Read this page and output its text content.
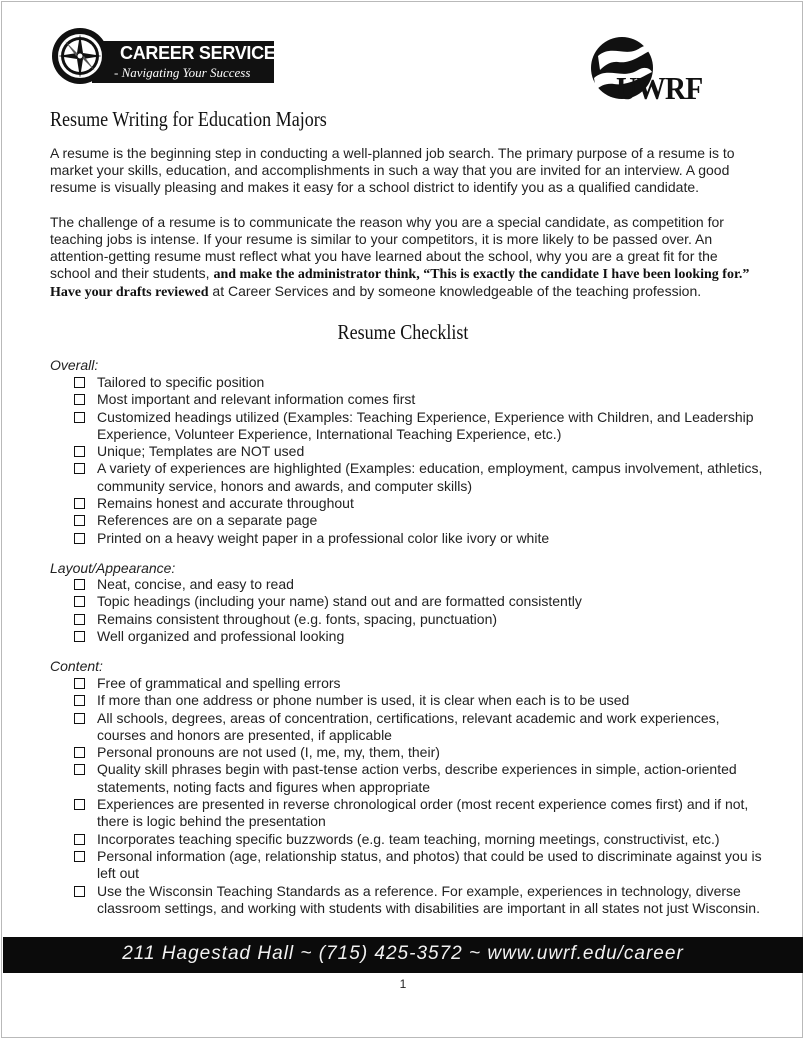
CAREER SERVICES
- Navigating Your Success	UWRF
Resume Writing for Education Majors
A resume is the beginning step in conducting a well-planned job search. The primary purpose of a resume is to market your skills, education, and accomplishments in such a way that you are invited for an interview. A good resume is visually pleasing and makes it easy for a school district to identify you as a qualified candidate.
The challenge of a resume is to communicate the reason why you are a special candidate, as competition for teaching jobs is intense. If your resume is similar to your competitors, it is more likely to be passed over. An attention-getting resume must reflect what you have learned about the school, why you are a great fit for the school and their students, and make the administrator think, “This is exactly the candidate I have been looking for.” Have your drafts reviewed at Career Services and by someone knowledgeable of the teaching profession.
Resume Checklist
Overall:
Tailored to specific position
Most important and relevant information comes first
Customized headings utilized (Examples: Teaching Experience, Experience with Children, and Leadership Experience, Volunteer Experience, International Teaching Experience, etc.)
Unique; Templates are NOT used
A variety of experiences are highlighted (Examples: education, employment, campus involvement, athletics, community service, honors and awards, and computer skills)
Remains honest and accurate throughout
References are on a separate page
Printed on a heavy weight paper in a professional color like ivory or white
Layout/Appearance:
Neat, concise, and easy to read
Topic headings (including your name) stand out and are formatted consistently
Remains consistent throughout (e.g. fonts, spacing, punctuation)
Well organized and professional looking
Content:
Free of grammatical and spelling errors
If more than one address or phone number is used, it is clear when each is to be used
All schools, degrees, areas of concentration, certifications, relevant academic and work experiences, courses and honors are presented, if applicable
Personal pronouns are not used (I, me, my, them, their)
Quality skill phrases begin with past-tense action verbs, describe experiences in simple, action-oriented statements, noting facts and figures when appropriate
Experiences are presented in reverse chronological order (most recent experience comes first) and if not, there is logic behind the presentation
Incorporates teaching specific buzzwords (e.g. team teaching, morning meetings, constructivist, etc.)
Personal information (age, relationship status, and photos) that could be used to discriminate against you is left out
Use the Wisconsin Teaching Standards as a reference. For example, experiences in technology, diverse classroom settings, and working with students with disabilities are important in all states not just Wisconsin.
211 Hagestad Hall ~ (715) 425-3572 ~ www.uwrf.edu/career
1
